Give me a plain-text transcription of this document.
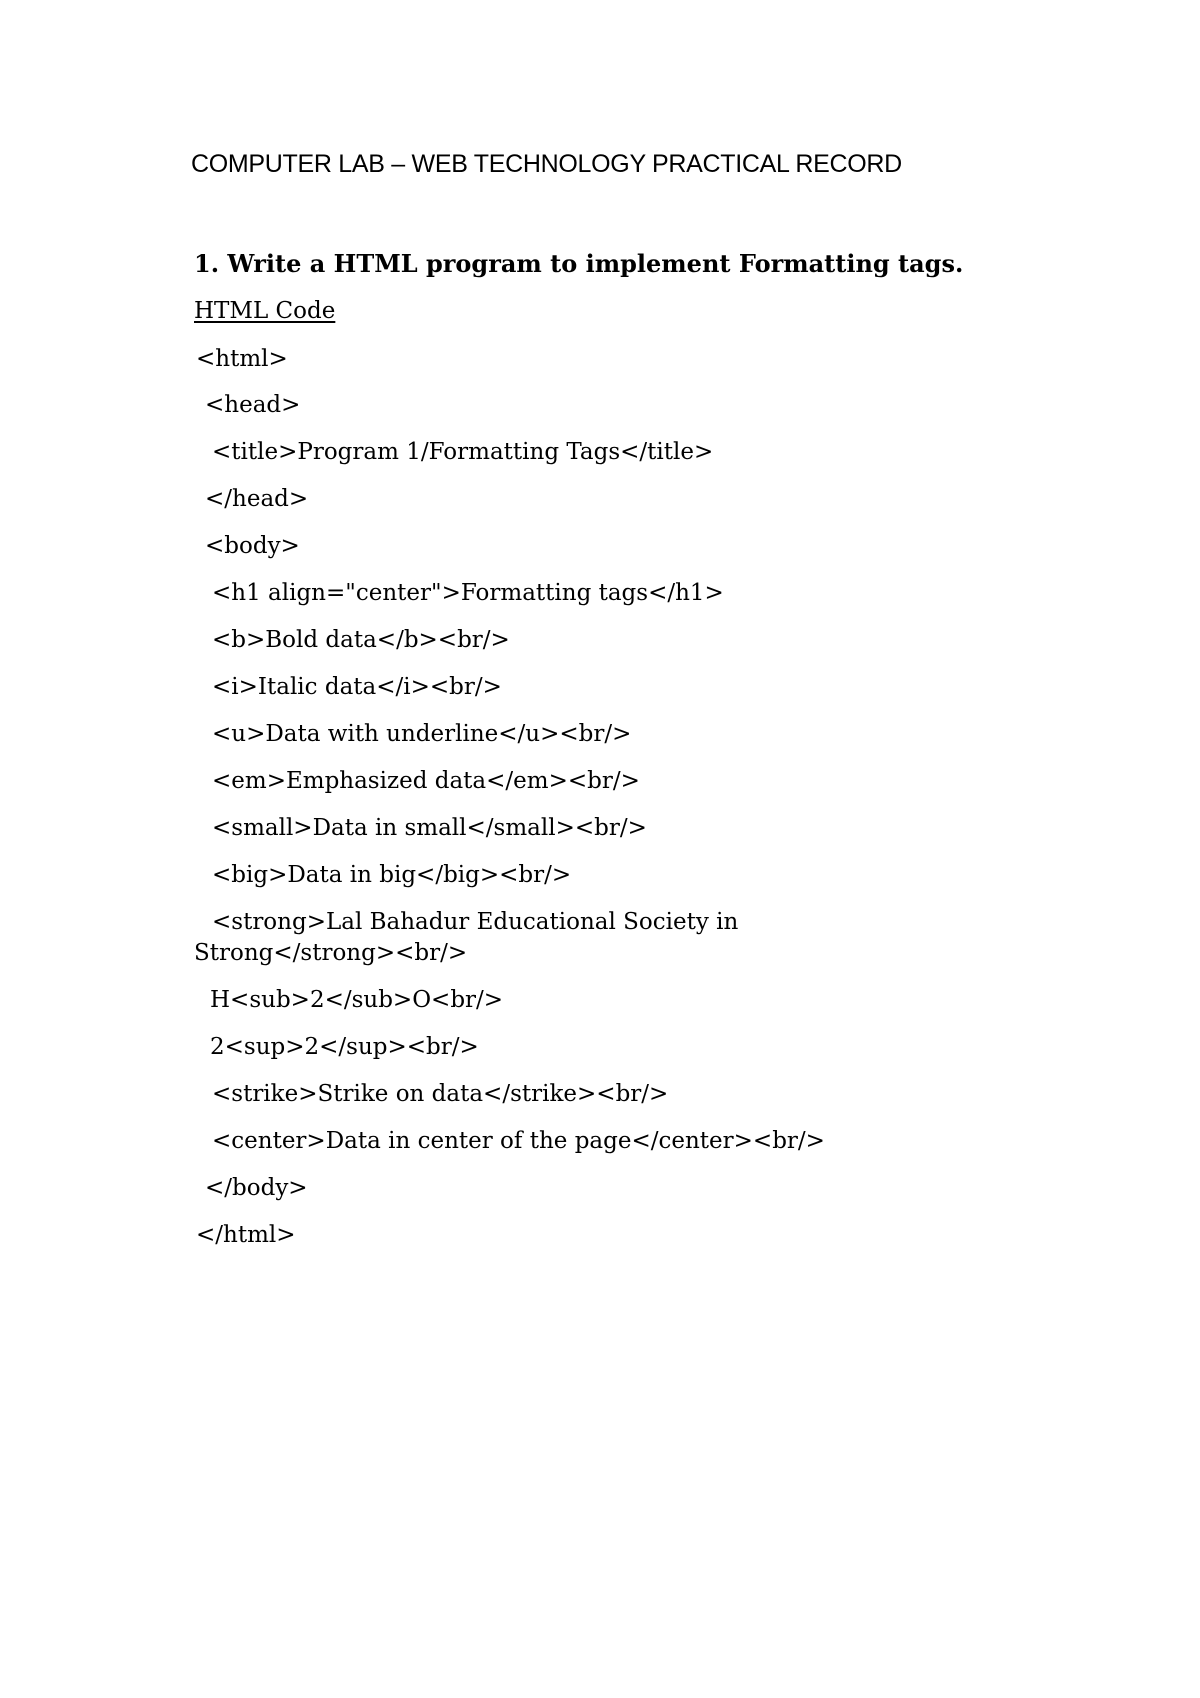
COMPUTER LAB – WEB TECHNOLOGY PRACTICAL RECORD
1. Write a HTML program to implement Formatting tags.
HTML Code
<html>
<head>
<title>Program 1/Formatting Tags</title>
</head>
<body>
<h1 align="center">Formatting tags</h1>
<b>Bold data</b><br/>
<i>Italic data</i><br/>
<u>Data with underline</u><br/>
<em>Emphasized data</em><br/>
<small>Data in small</small><br/>
<big>Data in big</big><br/>
<strong>Lal Bahadur Educational Society in
Strong</strong><br/>
H<sub>2</sub>O<br/>
2<sup>2</sup><br/>
<strike>Strike on data</strike><br/>
<center>Data in center of the page</center><br/>
</body>
</html>
